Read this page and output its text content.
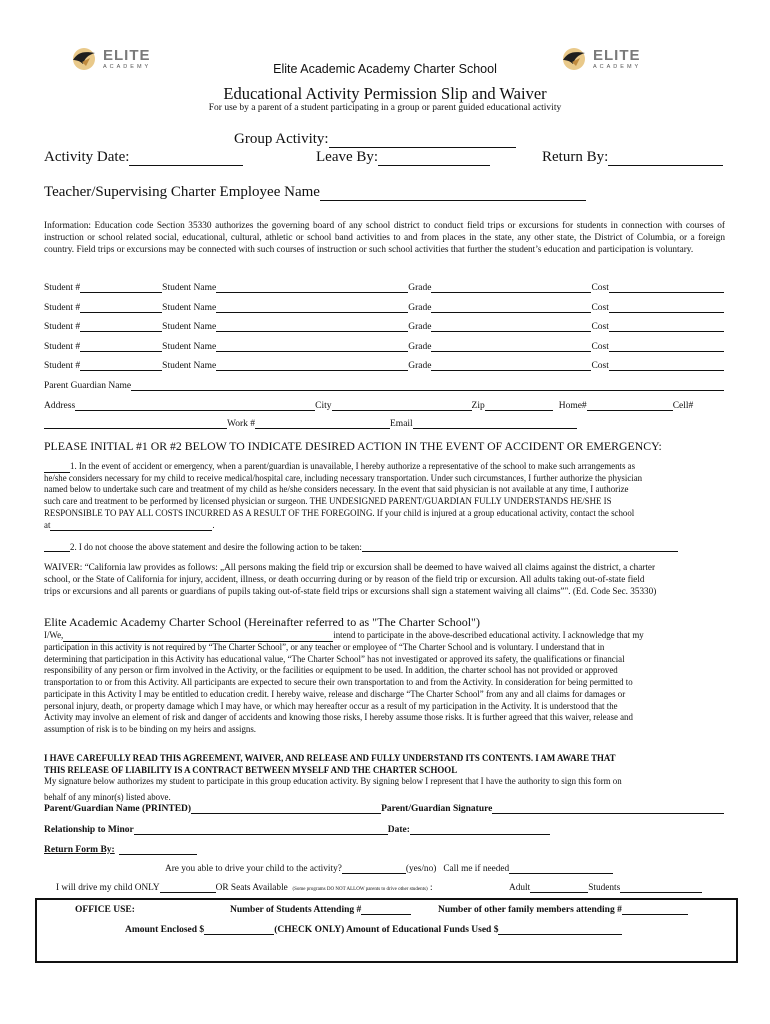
ELITE
ACADEMY
ELITE
ACADEMY
Elite Academic Academy Charter School
Educational Activity Permission Slip and Waiver
For use by a parent of a student participating in a group or parent guided educational activity
Group Activity:
Activity Date:	Leave By:	Return By:
Teacher/Supervising Charter Employee Name
Information: Education code Section 35330 authorizes the governing board of any school district to conduct field trips or excursions for students in connection with courses of instruction or school related social, educational, cultural, athletic or school band activities to and from places in the state, any other state, the District of Columbia, or a foreign country. Field trips or excursions may be connected with such courses of instruction or such school activities that further the student’s education and participation is voluntary.
Student #	Student Name	Grade	Cost
Student #	Student Name	Grade	Cost
Student #	Student Name	Grade	Cost
Student #	Student Name	Grade	Cost
Student #	Student Name	Grade	Cost
Parent Guardian Name
Address	City	Zip	Home#	Cell#
Work #	Email
PLEASE INITIAL #1 OR #2 BELOW TO INDICATE DESIRED ACTION IN THE EVENT OF ACCIDENT OR EMERGENCY:
1. In the event of accident or emergency, when a parent/guardian is unavailable, I hereby authorize a representative of the school to make such arrangements as
he/she considers necessary for my child to receive medical/hospital care, including necessary transportation. Under such circumstances, I further authorize the physician
named below to undertake such care and treatment of my child as he/she considers necessary. In the event that said physician is not available at any time, I authorize
such care and treatment to be performed by licensed physician or surgeon. THE UNDESIGNED PARENT/GUARDIAN FULLY UNDERSTANDS HE/SHE IS
RESPONSIBLE TO PAY ALL COSTS INCURRED AS A RESULT OF THE FOREGOING. If your child is injured at a group educational activity, contact the school
at	.
2. I do not choose the above statement and desire the following action to be taken:
WAIVER: “California law provides as follows: „All persons making the field trip or excursion shall be deemed to have waived all claims against the district, a charter
school, or the State of California for injury, accident, illness, or death occurring during or by reason of the field trip or excursion. All adults taking out-of-state field
trips or excursions and all parents or guardians of pupils taking out-of-state field trips or excursions shall sign a statement waiving all claims”". (Ed. Code Sec. 35330)
Elite Academic Academy Charter School (Hereinafter referred to as "The Charter School")
I/We,	intend to participate in the above-described educational activity. I acknowledge that my
participation in this activity is not required by “The Charter School”, or any teacher or employee of “The Charter School and is voluntary. I understand that in
determining that participation in this Activity has educational value, “The Charter School” has not investigated or approved its safety, the qualifications or financial
responsibility of any person or firm involved in the Activity, or the facilities or equipment to be used. In addition, the charter school has not provided or approved
transportation to or from this Activity. All participants are expected to secure their own transportation to and from the Activity. In consideration for being permitted to
participate in this Activity I may be entitled to education credit. I hereby waive, release and discharge “The Charter School” from any and all claims for damages or
personal injury, death, or property damage which I may have, or which may hereafter occur as a result of my participation in the Activity. It is understood that the
Activity may involve an element of risk and danger of accidents and knowing those risks, I hereby assume those risks. It is further agreed that this waiver, release and
assumption of risk is to be binding on my heirs and assigns.
I HAVE CAREFULLY READ THIS AGREEMENT, WAIVER, AND RELEASE AND FULLY UNDERSTAND ITS CONTENTS. I AM AWARE THAT
THIS RELEASE OF LIABILITY IS A CONTRACT BETWEEN MYSELF AND THE CHARTER SCHOOL
My signature below authorizes my student to participate in this group education activity. By signing below I represent that I have the authority to sign this form on
behalf of any minor(s) listed above.
Parent/Guardian Name (PRINTED)	Parent/Guardian Signature
Relationship to Minor	Date:
Return Form By:
Are you able to drive your child to the activity?	(yes/no) Call me if needed
I will drive my child ONLY	OR Seats Available (Some programs DO NOT ALLOW parents to drive other students) :	Adult	Students
OFFICE USE:	Number of Students Attending #	Number of other family members attending #
Amount Enclosed $	(CHECK ONLY) Amount of Educational Funds Used $
